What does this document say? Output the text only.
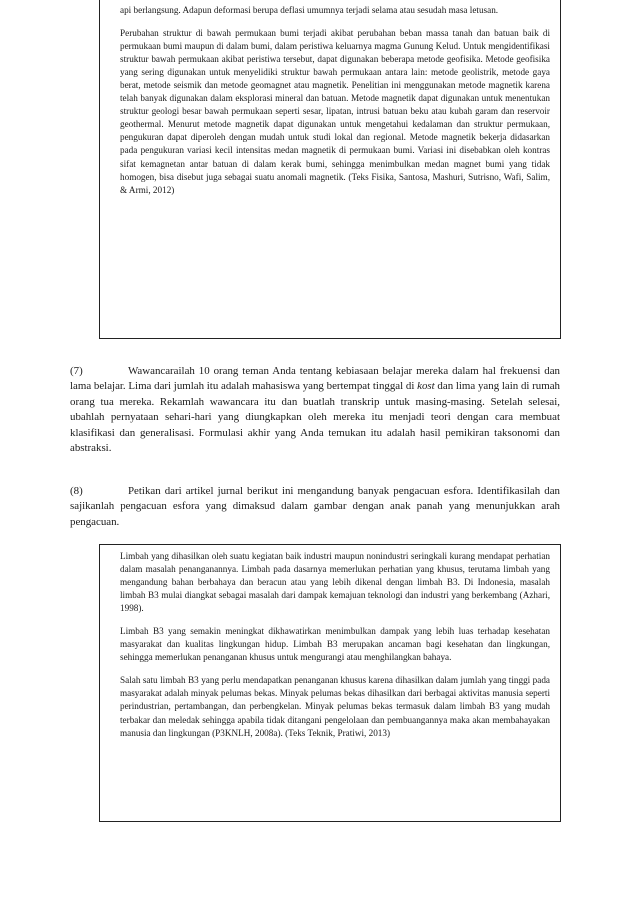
api berlangsung. Adapun deformasi berupa deflasi umumnya terjadi selama atau sesudah masa letusan.

Perubahan struktur di bawah permukaan bumi terjadi akibat perubahan beban massa tanah dan batuan baik di permukaan bumi maupun di dalam bumi, dalam peristiwa keluarnya magma Gunung Kelud. Untuk mengidentifikasi struktur bawah permukaan akibat peristiwa tersebut, dapat digunakan beberapa metode geofisika. Metode geofisika yang sering digunakan untuk menyelidiki struktur bawah permukaan antara lain: metode geolistrik, metode gaya berat, metode seismik dan metode geomagnet atau magnetik. Penelitian ini menggunakan metode magnetik karena telah banyak digunakan dalam eksplorasi mineral dan batuan. Metode magnetik dapat digunakan untuk menentukan struktur geologi besar bawah permukaan seperti sesar, lipatan, intrusi batuan beku atau kubah garam dan reservoir geothermal. Menurut metode magnetik dapat digunakan untuk mengetahui kedalaman dan struktur permukaan, pengukuran dapat diperoleh dengan mudah untuk studi lokal dan regional. Metode magnetik bekerja didasarkan pada pengukuran variasi kecil intensitas medan magnetik di permukaan bumi. Variasi ini disebabkan oleh kontras sifat kemagnetan antar batuan di dalam kerak bumi, sehingga menimbulkan medan magnet bumi yang tidak homogen, bisa disebut juga sebagai suatu anomali magnetik. (Teks Fisika, Santosa, Mashuri, Sutrisno, Wafi, Salim, & Armi, 2012)

(7)	Wawancarailah 10 orang teman Anda tentang kebiasaan belajar mereka dalam hal frekuensi dan lama belajar. Lima dari jumlah itu adalah mahasiswa yang bertempat tinggal di kost dan lima yang lain di rumah orang tua mereka. Rekamlah wawancara itu dan buatlah transkrip untuk masing-masing. Setelah selesai, ubahlah pernyataan sehari-hari yang diungkapkan oleh mereka itu menjadi teori dengan cara membuat klasifikasi dan generalisasi. Formulasi akhir yang Anda temukan itu adalah hasil pemikiran taksonomi dan abstraksi.

(8)	Petikan dari artikel jurnal berikut ini mengandung banyak pengacuan esfora. Identifikasilah dan sajikanlah pengacuan esfora yang dimaksud dalam gambar dengan anak panah yang menunjukkan arah pengacuan.

Limbah yang dihasilkan oleh suatu kegiatan baik industri maupun nonindustri seringkali kurang mendapat perhatian dalam masalah penanganannya. Limbah pada dasarnya memerlukan perhatian yang khusus, terutama limbah yang mengandung bahan berbahaya dan beracun atau yang lebih dikenal dengan limbah B3. Di Indonesia, masalah limbah B3 mulai diangkat sebagai masalah dari dampak kemajuan teknologi dan industri yang berkembang (Azhari, 1998).

Limbah B3 yang semakin meningkat dikhawatirkan menimbulkan dampak yang lebih luas terhadap kesehatan masyarakat dan kualitas lingkungan hidup. Limbah B3 merupakan ancaman bagi kesehatan dan lingkungan, sehingga memerlukan penanganan khusus untuk mengurangi atau menghilangkan bahaya.

Salah satu limbah B3 yang perlu mendapatkan penanganan khusus karena dihasilkan dalam jumlah yang tinggi pada masyarakat adalah minyak pelumas bekas. Minyak pelumas bekas dihasilkan dari berbagai aktivitas manusia seperti perindustrian, pertambangan, dan perbengkelan. Minyak pelumas bekas termasuk dalam limbah B3 yang mudah terbakar dan meledak sehingga apabila tidak ditangani pengelolaan dan pembuangannya maka akan membahayakan manusia dan lingkungan (P3KNLH, 2008a). (Teks Teknik, Pratiwi, 2013)
